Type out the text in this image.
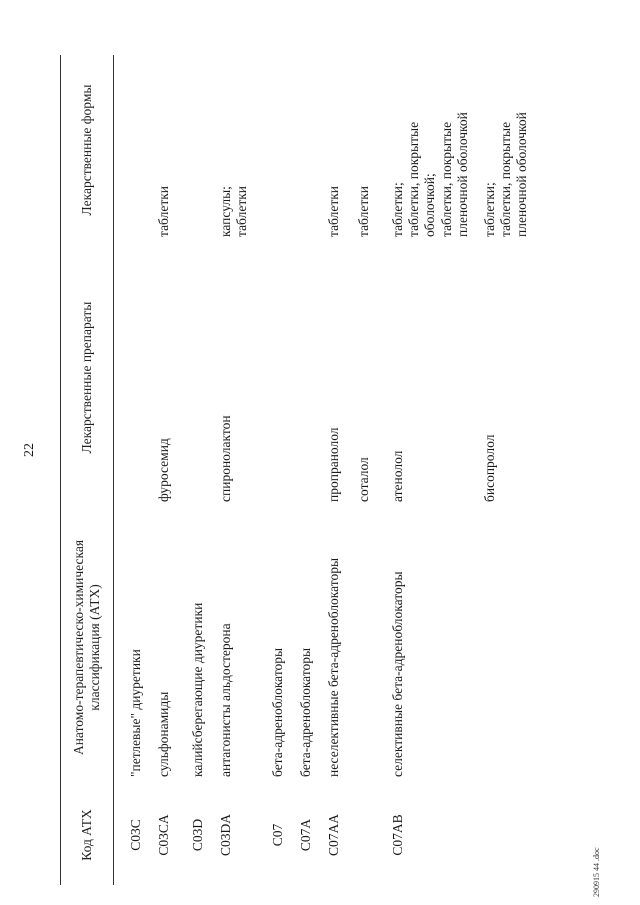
22
Код АТХ	Анатомо-терапевтическо-химическая классификация (АТХ)	Лекарственные препараты	Лекарственные формы

C03C	"петлевые" диуретики		
C03CA	сульфонамиды	фуросемид	таблетки
C03D	калийсберегающие диуретики		
C03DA	антагонисты альдостерона	спиронолактон	капсулы;
таблетки
C07	бета-адреноблокаторы		
C07A	бета-адреноблокаторы		
C07AA	неселективные бета-адреноблокаторы	пропранолол	таблетки
		соталол	таблетки
C07AB	селективные бета-адреноблокаторы	атенолол	таблетки;
таблетки, покрытые оболочкой;
таблетки, покрытые пленочной оболочкой
		бисопролол	таблетки;
таблетки, покрытые пленочной оболочкой
290915 44 .doc
